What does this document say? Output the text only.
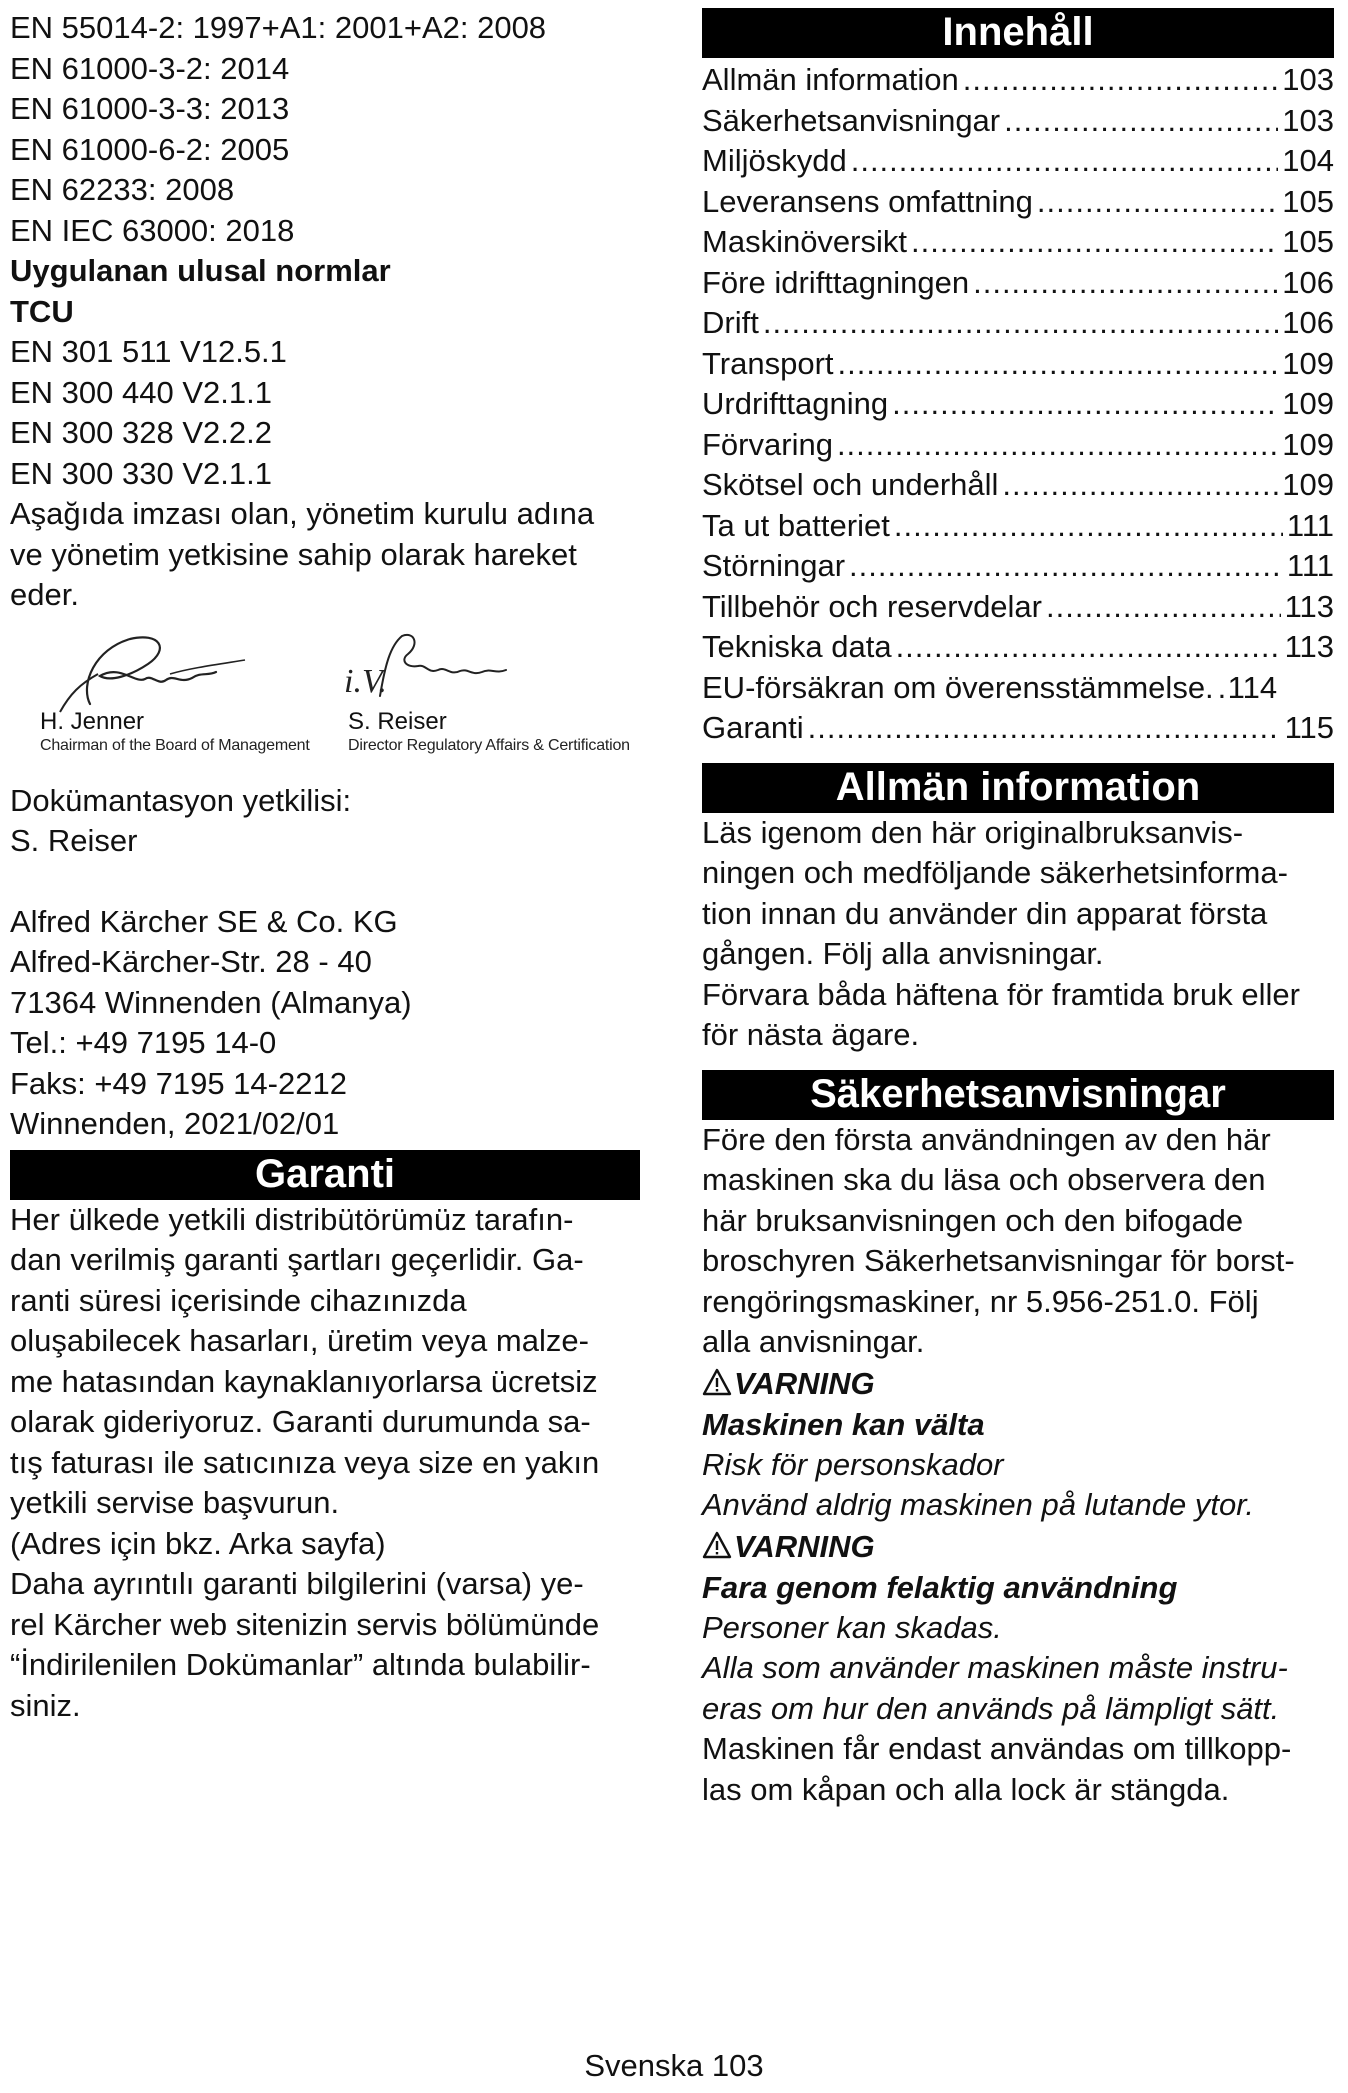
EN 55014-2: 1997+A1: 2001+A2: 2008
EN 61000-3-2: 2014
EN 61000-3-3: 2013
EN 61000-6-2: 2005
EN 62233: 2008
EN IEC 63000: 2018
Uygulanan ulusal normlar
TCU
EN 301 511 V12.5.1
EN 300 440 V2.1.1
EN 300 328 V2.2.2
EN 300 330 V2.1.1
Aşağıda imzası olan, yönetim kurulu adına
ve yönetim yetkisine sahip olarak hareket
eder.
i.V.
H. Jenner
Chairman of the Board of Management
S. Reiser
Director Regulatory Affairs & Certification
Dokümantasyon yetkilisi:
S. Reiser
Alfred Kärcher SE & Co. KG
Alfred-Kärcher-Str. 28 - 40
71364 Winnenden (Almanya)
Tel.: +49 7195 14-0
Faks: +49 7195 14-2212
Winnenden, 2021/02/01
Garanti
Her ülkede yetkili distribütörümüz tarafın-
dan verilmiş garanti şartları geçerlidir. Ga-
ranti süresi içerisinde cihazınızda
oluşabilecek hasarları, üretim veya malze-
me hatasından kaynaklanıyorlarsa ücretsiz
olarak gideriyoruz. Garanti durumunda sa-
tış faturası ile satıcınıza veya size en yakın
yetkili servise başvurun.
(Adres için bkz. Arka sayfa)
Daha ayrıntılı garanti bilgilerini (varsa) ye-
rel Kärcher web sitenizin servis bölümünde
“İndirilenilen Dokümanlar” altında bulabilir-
siniz.
Innehåll
Allmän information .....	103
Säkerhetsanvisningar .....	103
Miljöskydd .....	104
Leveransens omfattning .....	105
Maskinöversikt .....	105
Före idrifttagningen .....	106
Drift .....	106
Transport .....	109
Urdrifttagning .....	109
Förvaring .....	109
Skötsel och underhåll .....	109
Ta ut batteriet .....	111
Störningar .....	111
Tillbehör och reservdelar .....	113
Tekniska data .....	113
EU-försäkran om överensstämmelse. ..... 114
Garanti .....	115
Allmän information
Läs igenom den här originalbruksanvis-
ningen och medföljande säkerhetsinforma-
tion innan du använder din apparat första
gången. Följ alla anvisningar.
Förvara båda häftena för framtida bruk eller
för nästa ägare.
Säkerhetsanvisningar
Före den första användningen av den här
maskinen ska du läsa och observera den
här bruksanvisningen och den bifogade
broschyren Säkerhetsanvisningar för borst-
rengöringsmaskiner, nr 5.956-251.0. Följ
alla anvisningar.
VARNING
Maskinen kan välta
Risk för personskador
Använd aldrig maskinen på lutande ytor.
VARNING
Fara genom felaktig användning
Personer kan skadas.
Alla som använder maskinen måste instru-
eras om hur den används på lämpligt sätt.
Maskinen får endast användas om tillkopp-
las om kåpan och alla lock är stängda.
Svenska 103
